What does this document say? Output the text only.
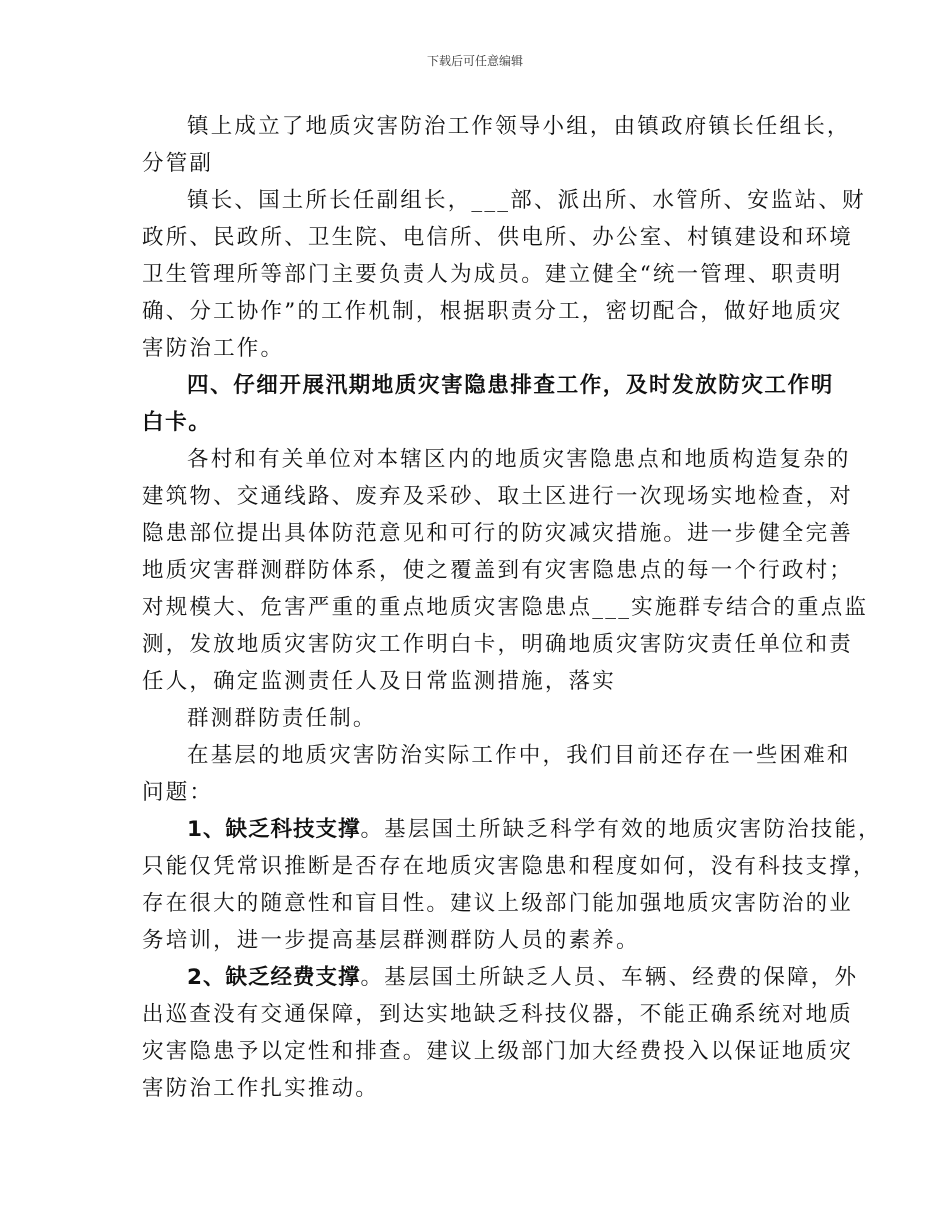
下载后可任意编辑
镇上成立了地质灾害防治工作领导小组，由镇政府镇长任组长，
分管副
镇长、国土所长任副组长，___部、派出所、水管所、安监站、财
政所、民政所、卫生院、电信所、供电所、办公室、村镇建设和环境
卫生管理所等部门主要负责人为成员。建立健全“统一管理、职责明
确、分工协作”的工作机制，根据职责分工，密切配合，做好地质灾
害防治工作。
四、仔细开展汛期地质灾害隐患排查工作，及时发放防灾工作明
白卡。
各村和有关单位对本辖区内的地质灾害隐患点和地质构造复杂的
建筑物、交通线路、废弃及采砂、取土区进行一次现场实地检查，对
隐患部位提出具体防范意见和可行的防灾减灾措施。进一步健全完善
地质灾害群测群防体系，使之覆盖到有灾害隐患点的每一个行政村；
对规模大、危害严重的重点地质灾害隐患点___实施群专结合的重点监
测，发放地质灾害防灾工作明白卡，明确地质灾害防灾责任单位和责
任人，确定监测责任人及日常监测措施，落实
群测群防责任制。
在基层的地质灾害防治实际工作中，我们目前还存在一些困难和
问题：
1、缺乏科技支撑。基层国土所缺乏科学有效的地质灾害防治技能，
只能仅凭常识推断是否存在地质灾害隐患和程度如何，没有科技支撑，
存在很大的随意性和盲目性。建议上级部门能加强地质灾害防治的业
务培训，进一步提高基层群测群防人员的素养。
2、缺乏经费支撑。基层国土所缺乏人员、车辆、经费的保障，外
出巡查没有交通保障，到达实地缺乏科技仪器，不能正确系统对地质
灾害隐患予以定性和排查。建议上级部门加大经费投入以保证地质灾
害防治工作扎实推动。
